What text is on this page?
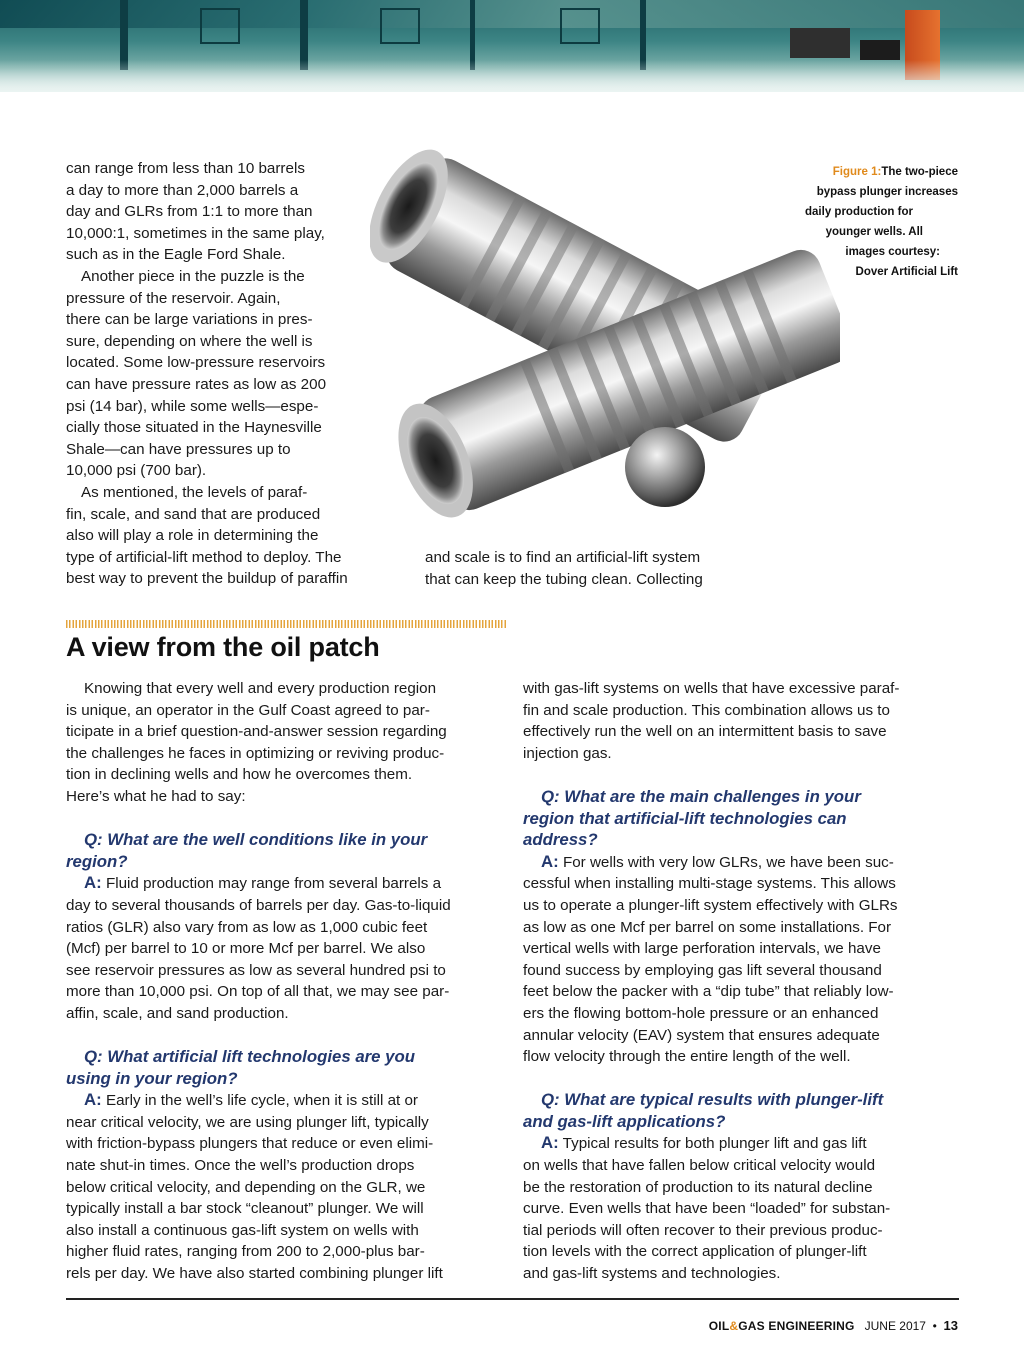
can range from less than 10 barrels
a day to more than 2,000 barrels a
day and GLRs from 1:1 to more than
10,000:1, sometimes in the same play,
such as in the Eagle Ford Shale.

Another piece in the puzzle is the
pressure of the reservoir. Again,
there can be large variations in pres-
sure, depending on where the well is
located. Some low-pressure reservoirs
can have pressure rates as low as 200
psi (14 bar), while some wells—espe-
cially those situated in the Haynesville
Shale—can have pressures up to
10,000 psi (700 bar).

As mentioned, the levels of paraf-
fin, scale, and sand that are produced
also will play a role in determining the
type of artificial-lift method to deploy. The
best way to prevent the buildup of paraffin

Figure 1:The two-piece
bypass plunger increases
daily production for
younger wells. All
images courtesy:
Dover Artificial Lift
and scale is to find an artificial-lift system
that can keep the tubing clean. Collecting
A view from the oil patch

Knowing that every well and every production region
is unique, an operator in the Gulf Coast agreed to par-
ticipate in a brief question-and-answer session regarding
the challenges he faces in optimizing or reviving produc-
tion in declining wells and how he overcomes them.
Here’s what he had to say:

Q: What are the well conditions like in your
region?

A: Fluid production may range from several barrels a
day to several thousands of barrels per day. Gas-to-liquid
ratios (GLR) also vary from as low as 1,000 cubic feet
(Mcf) per barrel to 10 or more Mcf per barrel. We also
see reservoir pressures as low as several hundred psi to
more than 10,000 psi. On top of all that, we may see par-
affin, scale, and sand production.

Q: What artificial lift technologies are you
using in your region?

A: Early in the well’s life cycle, when it is still at or
near critical velocity, we are using plunger lift, typically
with friction-bypass plungers that reduce or even elimi-
nate shut-in times. Once the well’s production drops
below critical velocity, and depending on the GLR, we
typically install a bar stock “cleanout” plunger. We will
also install a continuous gas-lift system on wells with
higher fluid rates, ranging from 200 to 2,000-plus bar-
rels per day. We have also started combining plunger lift

with gas-lift systems on wells that have excessive paraf-
fin and scale production. This combination allows us to
effectively run the well on an intermittent basis to save
injection gas.

Q: What are the main challenges in your
region that artificial-lift technologies can
address?

A: For wells with very low GLRs, we have been suc-
cessful when installing multi-stage systems. This allows
us to operate a plunger-lift system effectively with GLRs
as low as one Mcf per barrel on some installations. For
vertical wells with large perforation intervals, we have
found success by employing gas lift several thousand
feet below the packer with a “dip tube” that reliably low-
ers the flowing bottom-hole pressure or an enhanced
annular velocity (EAV) system that ensures adequate
flow velocity through the entire length of the well.

Q: What are typical results with plunger-lift
and gas-lift applications?

A: Typical results for both plunger lift and gas lift
on wells that have fallen below critical velocity would
be the restoration of production to its natural decline
curve. Even wells that have been “loaded” for substan-
tial periods will often recover to their previous produc-
tion levels with the correct application of plunger-lift
and gas-lift systems and technologies.

OIL&GAS ENGINEERING JUNE 2017 • 13
